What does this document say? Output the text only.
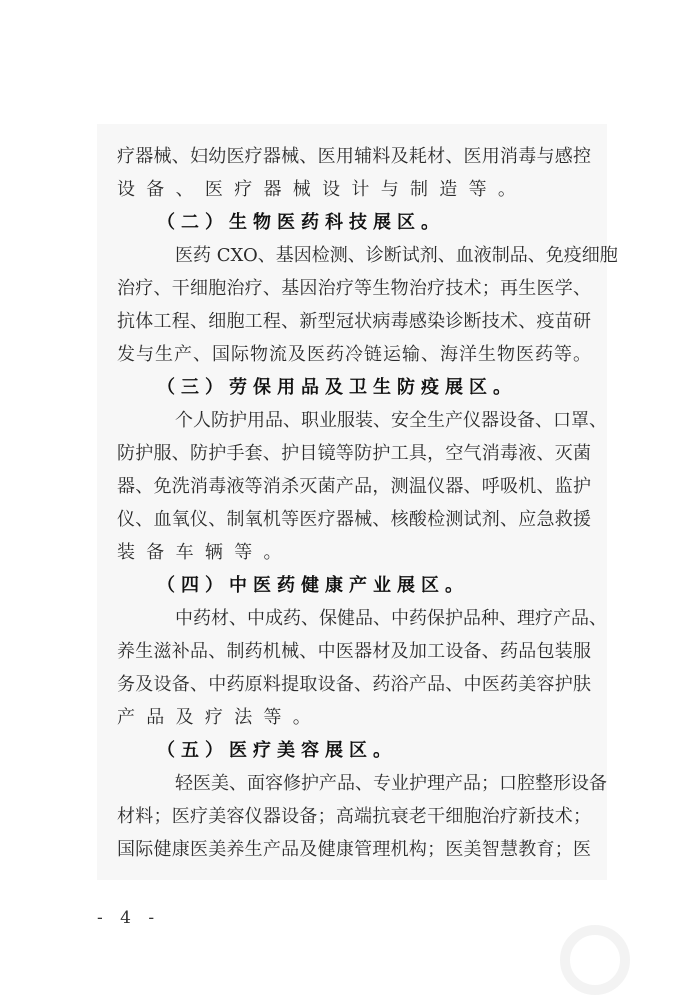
疗器械、妇幼医疗器械、医用辅料及耗材、医用消毒与感控
设备、医疗器械设计与制造等。
（二）生物医药科技展区。
医药 CXO、基因检测、诊断试剂、血液制品、免疫细胞
治疗、干细胞治疗、基因治疗等生物治疗技术；再生医学、
抗体工程、细胞工程、新型冠状病毒感染诊断技术、疫苗研
发与生产、国际物流及医药冷链运输、海洋生物医药等。
（三）劳保用品及卫生防疫展区。
个人防护用品、职业服装、安全生产仪器设备、口罩、
防护服、防护手套、护目镜等防护工具，空气消毒液、灭菌
器、免洗消毒液等消杀灭菌产品，测温仪器、呼吸机、监护
仪、血氧仪、制氧机等医疗器械、核酸检测试剂、应急救援
装备车辆等。
（四）中医药健康产业展区。
中药材、中成药、保健品、中药保护品种、理疗产品、
养生滋补品、制药机械、中医器材及加工设备、药品包装服
务及设备、中药原料提取设备、药浴产品、中医药美容护肤
产品及疗法等。
（五）医疗美容展区。
轻医美、面容修护产品、专业护理产品；口腔整形设备
材料；医疗美容仪器设备；高端抗衰老干细胞治疗新技术；
国际健康医美养生产品及健康管理机构；医美智慧教育；医
- 4 -
